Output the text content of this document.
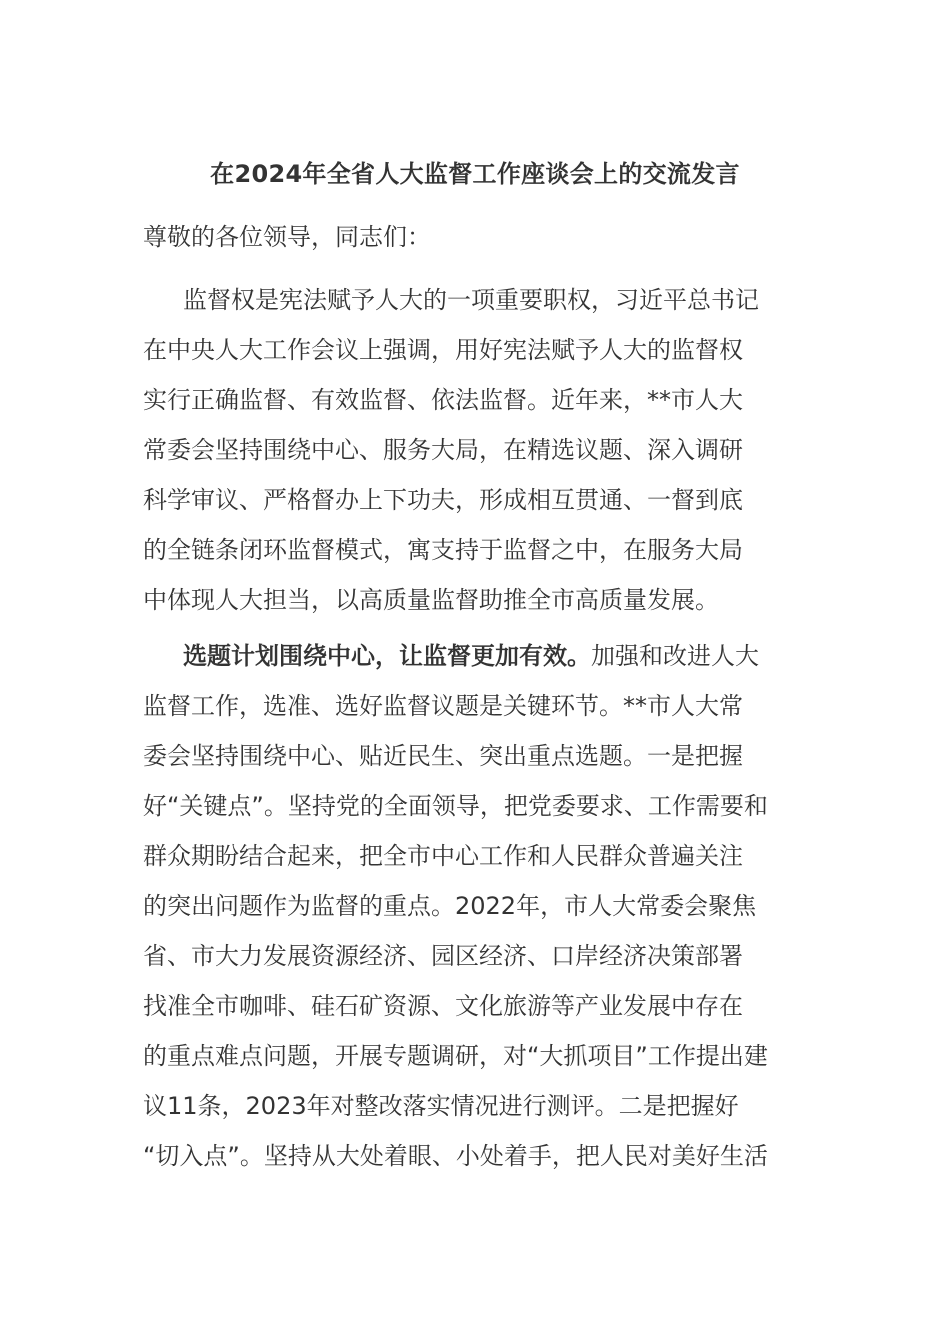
在2024年全省人大监督工作座谈会上的交流发言
尊敬的各位领导，同志们：
监督权是宪法赋予人大的一项重要职权，习近平总书记
在中央人大工作会议上强调，用好宪法赋予人大的监督权
实行正确监督、有效监督、依法监督。近年来，**市人大
常委会坚持围绕中心、服务大局，在精选议题、深入调研
科学审议、严格督办上下功夫，形成相互贯通、一督到底
的全链条闭环监督模式，寓支持于监督之中，在服务大局
中体现人大担当，以高质量监督助推全市高质量发展。
选题计划围绕中心，让监督更加有效。加强和改进人大
监督工作，选准、选好监督议题是关键环节。**市人大常
委会坚持围绕中心、贴近民生、突出重点选题。一是把握
好“关键点”。坚持党的全面领导，把党委要求、工作需要和
群众期盼结合起来，把全市中心工作和人民群众普遍关注
的突出问题作为监督的重点。2022年，市人大常委会聚焦
省、市大力发展资源经济、园区经济、口岸经济决策部署
找准全市咖啡、硅石矿资源、文化旅游等产业发展中存在
的重点难点问题，开展专题调研，对“大抓项目”工作提出建
议11条，2023年对整改落实情况进行测评。二是把握好
“切入点”。坚持从大处着眼、小处着手，把人民对美好生活
